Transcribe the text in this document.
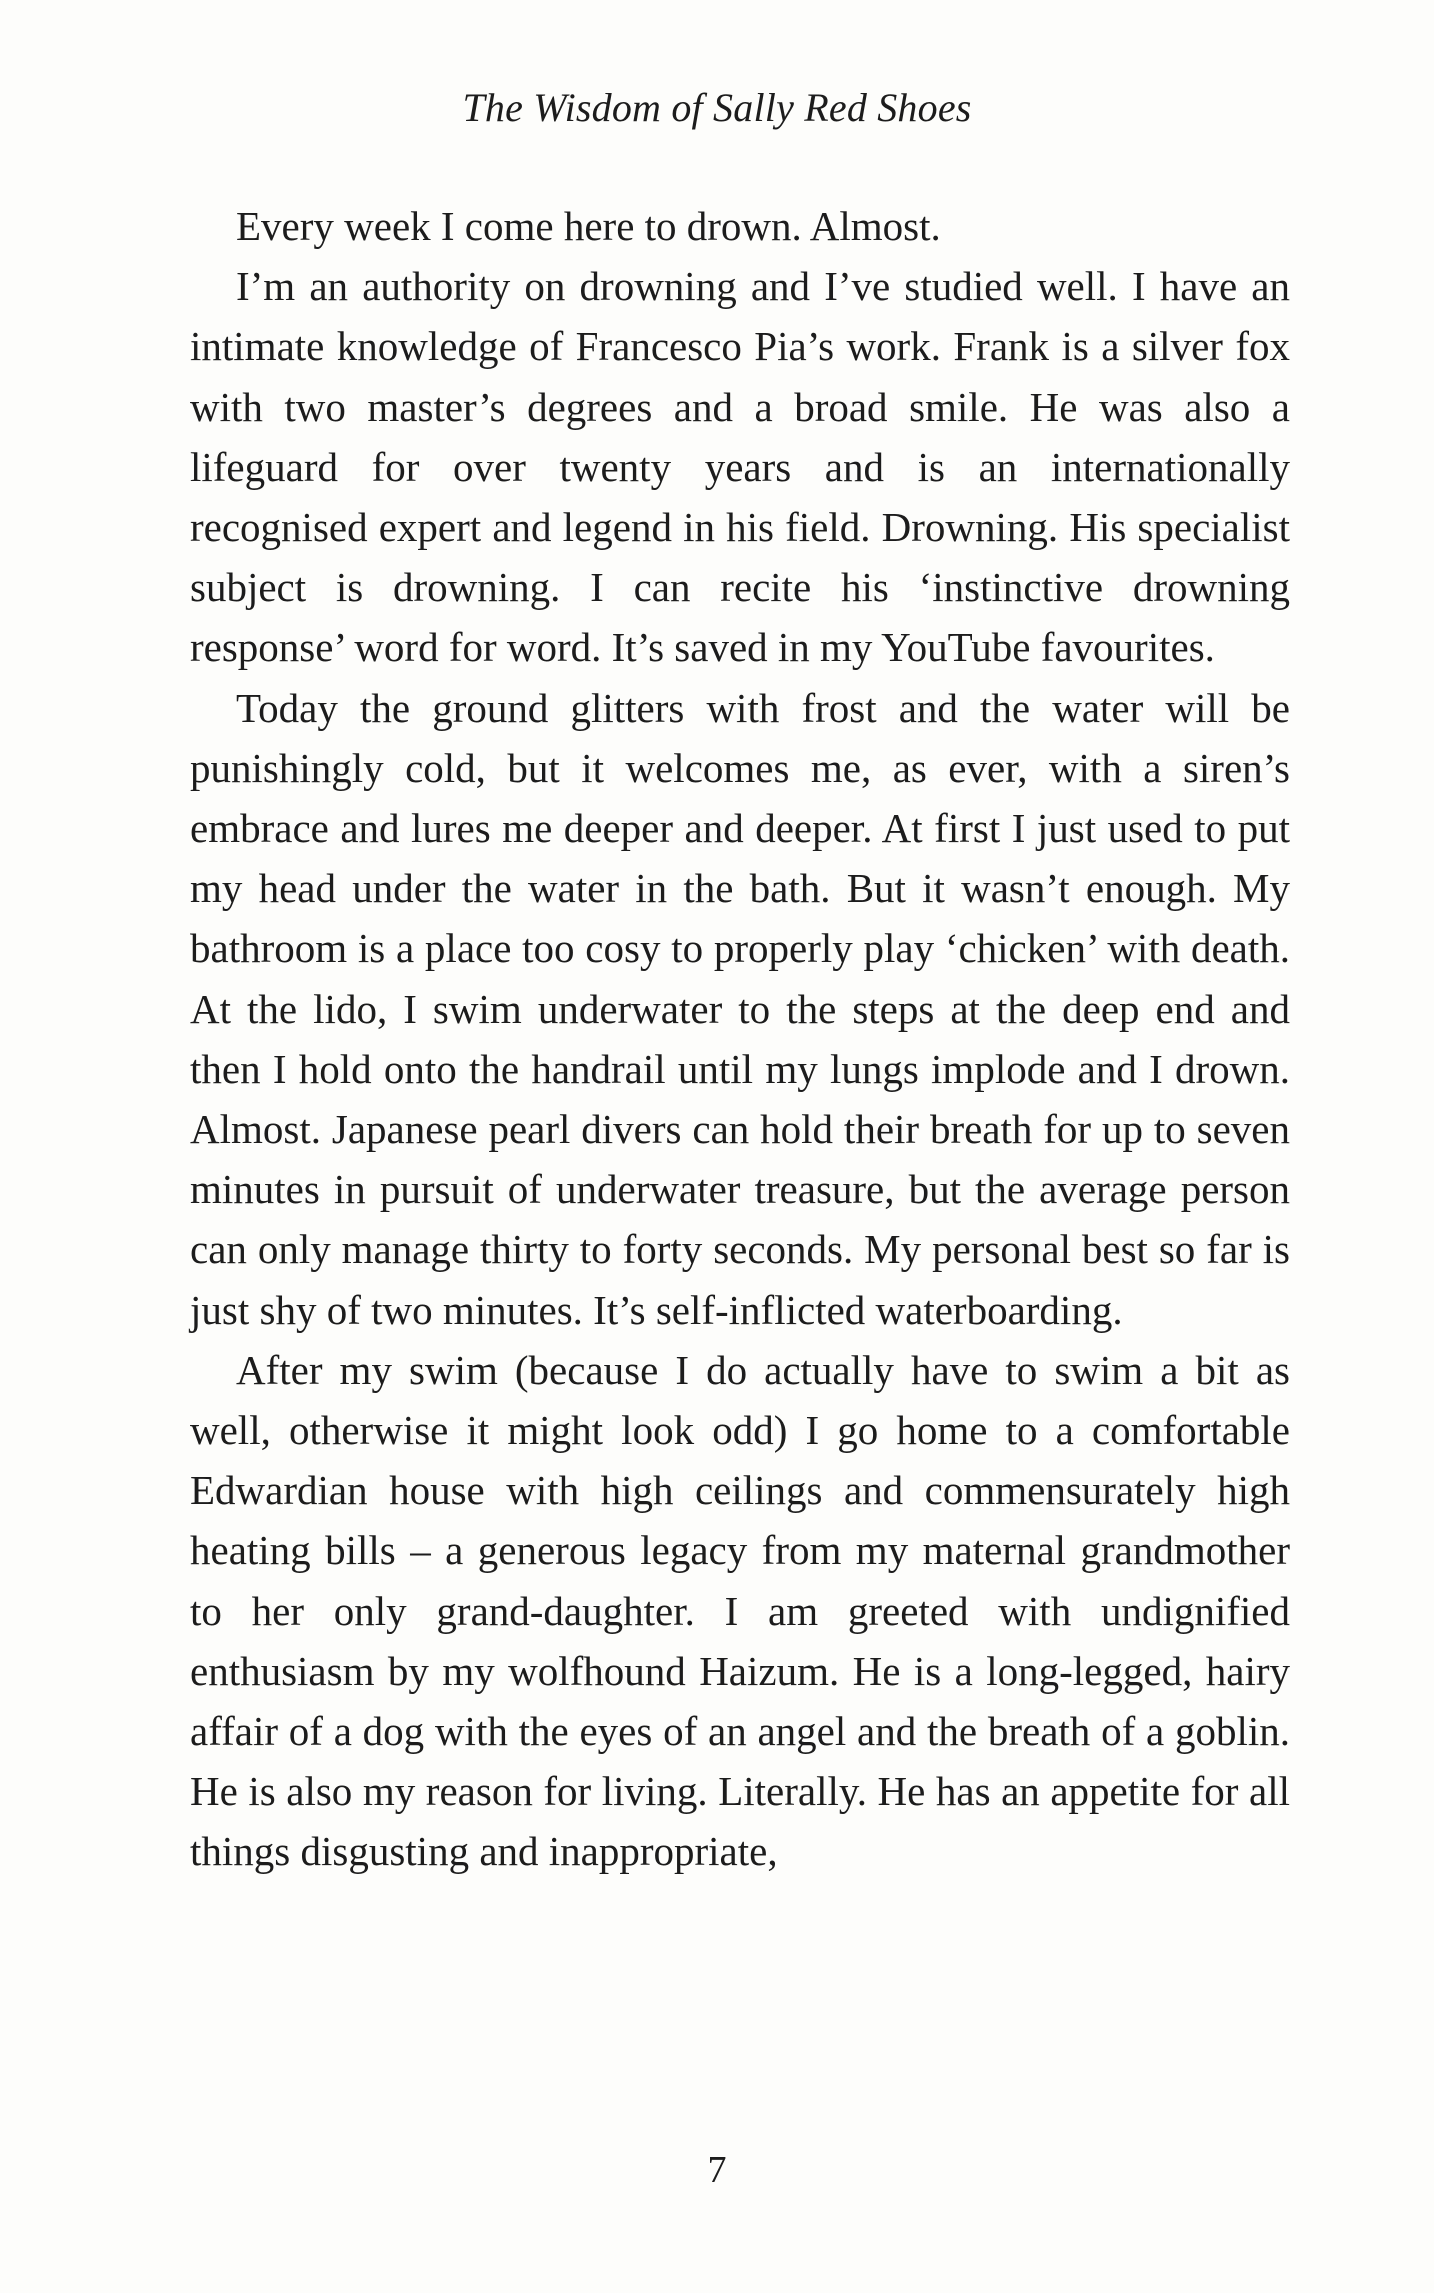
The Wisdom of Sally Red Shoes

Every week I come here to drown. Almost.

I’m an authority on drowning and I’ve studied well. I have an intimate knowledge of Francesco Pia’s work. Frank is a silver fox with two master’s degrees and a broad smile. He was also a lifeguard for over twenty years and is an internationally recognised expert and legend in his field. Drowning. His specialist subject is drowning. I can recite his ‘instinctive drowning response’ word for word. It’s saved in my YouTube favourites.

Today the ground glitters with frost and the water will be punishingly cold, but it welcomes me, as ever, with a siren’s embrace and lures me deeper and deeper. At first I just used to put my head under the water in the bath. But it wasn’t enough. My bathroom is a place too cosy to properly play ‘chicken’ with death. At the lido, I swim underwater to the steps at the deep end and then I hold onto the handrail until my lungs implode and I drown. Almost. Japanese pearl divers can hold their breath for up to seven minutes in pursuit of underwater treasure, but the average person can only manage thirty to forty seconds. My personal best so far is just shy of two minutes. It’s self-inflicted waterboarding.

After my swim (because I do actually have to swim a bit as well, otherwise it might look odd) I go home to a comfortable Edwardian house with high ceilings and commensurately high heating bills – a generous legacy from my maternal grandmother to her only grand-daughter. I am greeted with undignified enthusiasm by my wolfhound Haizum. He is a long-legged, hairy affair of a dog with the eyes of an angel and the breath of a goblin. He is also my reason for living. Literally. He has an appetite for all things disgusting and inappropriate,

7
